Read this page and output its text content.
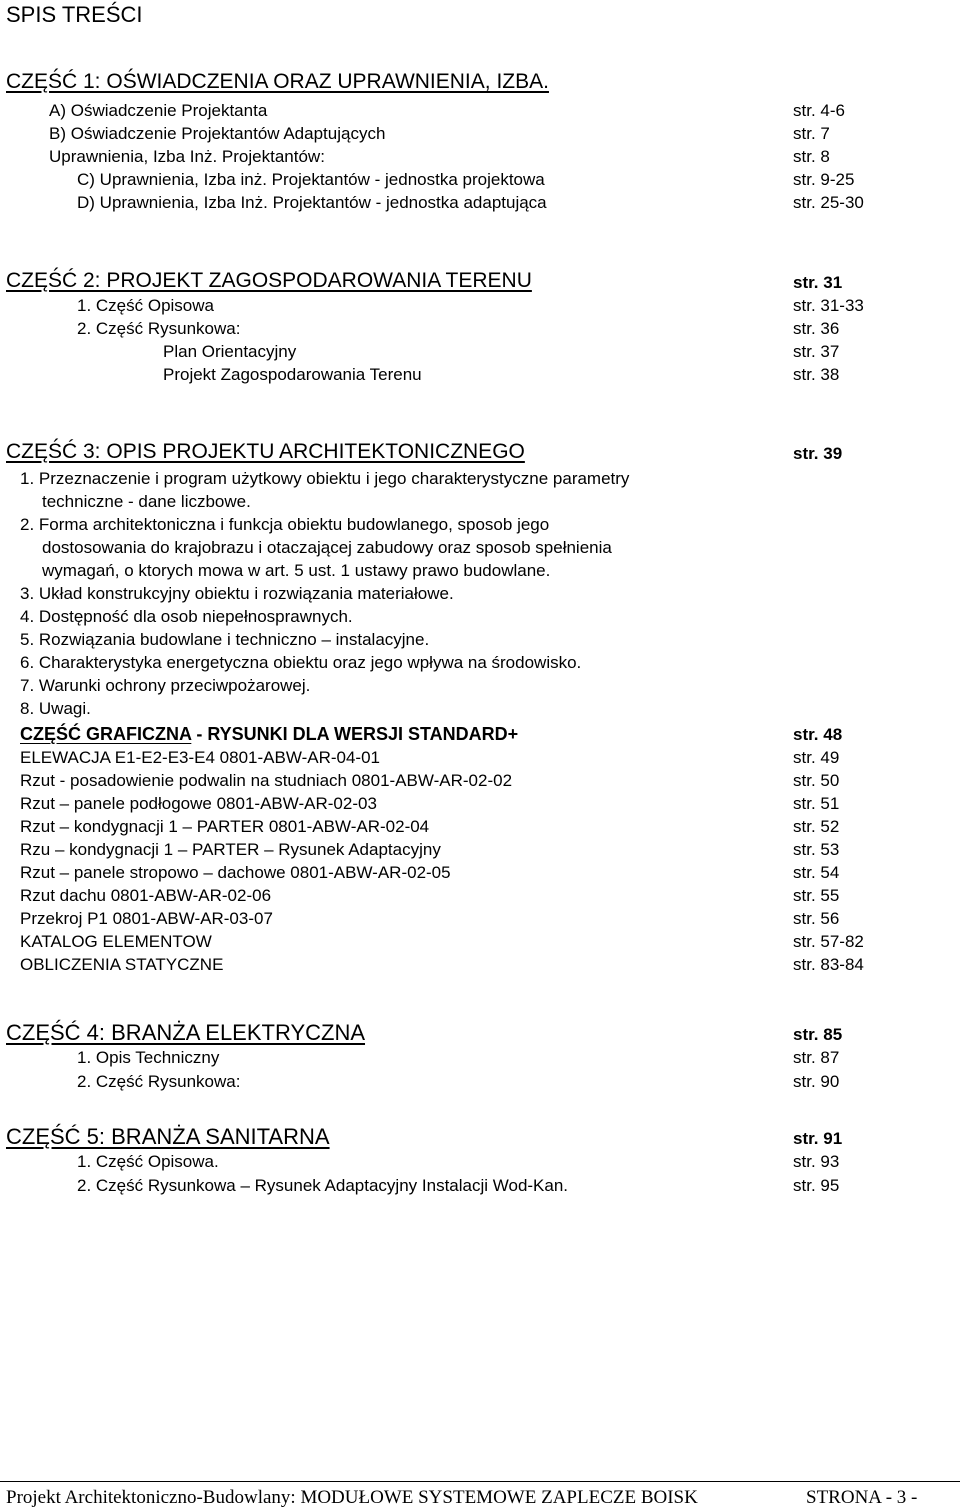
SPIS TREŚCI
CZĘŚĆ 1: OŚWIADCZENIA ORAZ UPRAWNIENIA, IZBA.
A) Oświadczenie Projektanta	str. 4-6
B) Oświadczenie Projektantów Adaptujących	str. 7
Uprawnienia, Izba Inż. Projektantów:	str. 8
C) Uprawnienia, Izba inż. Projektantów - jednostka projektowa	str. 9-25
D) Uprawnienia, Izba Inż. Projektantów - jednostka adaptująca	str. 25-30
CZĘŚĆ 2: PROJEKT ZAGOSPODAROWANIA TERENU	str. 31
1. Część Opisowa	str. 31-33
2. Część Rysunkowa:	str. 36
Plan Orientacyjny	str. 37
Projekt Zagospodarowania Terenu	str. 38
CZĘŚĆ 3: OPIS PROJEKTU ARCHITEKTONICZNEGO	str. 39
1. Przeznaczenie i program użytkowy obiektu i jego charakterystyczne parametry
techniczne - dane liczbowe.
2. Forma architektoniczna i funkcja obiektu budowlanego, sposob jego
dostosowania do krajobrazu i otaczającej zabudowy oraz sposob spełnienia
wymagań, o ktorych mowa w art. 5 ust. 1 ustawy prawo budowlane.
3. Układ konstrukcyjny obiektu i rozwiązania materiałowe.
4. Dostępność dla osob niepełnosprawnych.
5. Rozwiązania budowlane i techniczno – instalacyjne.
6. Charakterystyka energetyczna obiektu oraz jego wpływa na środowisko.
7. Warunki ochrony przeciwpożarowej.
8. Uwagi.
CZĘŚĆ GRAFICZNA - RYSUNKI DLA WERSJI STANDARD+	str. 48
ELEWACJA E1-E2-E3-E4 0801-ABW-AR-04-01	str. 49
Rzut - posadowienie podwalin na studniach 0801-ABW-AR-02-02	str. 50
Rzut – panele podłogowe 0801-ABW-AR-02-03	str. 51
Rzut – kondygnacji 1 – PARTER 0801-ABW-AR-02-04	str. 52
Rzu – kondygnacji 1 – PARTER – Rysunek Adaptacyjny	str. 53
Rzut – panele stropowo – dachowe 0801-ABW-AR-02-05	str. 54
Rzut dachu 0801-ABW-AR-02-06	str. 55
Przekroj P1 0801-ABW-AR-03-07	str. 56
KATALOG ELEMENTOW	str. 57-82
OBLICZENIA STATYCZNE	str. 83-84
CZĘŚĆ 4: BRANŻA ELEKTRYCZNA	str. 85
1. Opis Techniczny	str. 87
2. Część Rysunkowa:	str. 90
CZĘŚĆ 5: BRANŻA SANITARNA	str. 91
1. Część Opisowa.	str. 93
2. Część Rysunkowa – Rysunek Adaptacyjny Instalacji Wod-Kan.	str. 95
Projekt Architektoniczno-Budowlany: MODUŁOWE SYSTEMOWE ZAPLECZE BOISK	STRONA - 3 -
